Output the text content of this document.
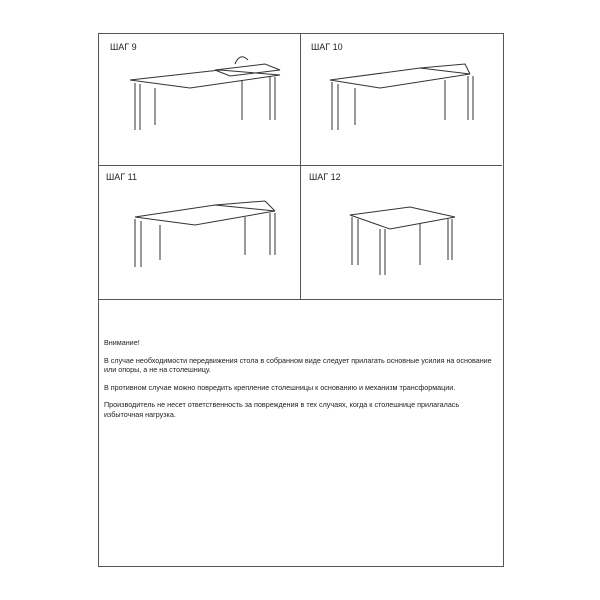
ШАГ 9	ШАГ 10
ШАГ 11	ШАГ 12

Внимание!

В случае необходимости передвижения стола в собранном виде следует прилагать основные усилия на основание или опоры, а не на столешницу.

В противном случае можно повредить крепление столешницы к основанию и механизм трансформации.

Производитель не несет ответственность за повреждения в тех случаях, когда к столешнице прилагалась избыточная нагрузка.
